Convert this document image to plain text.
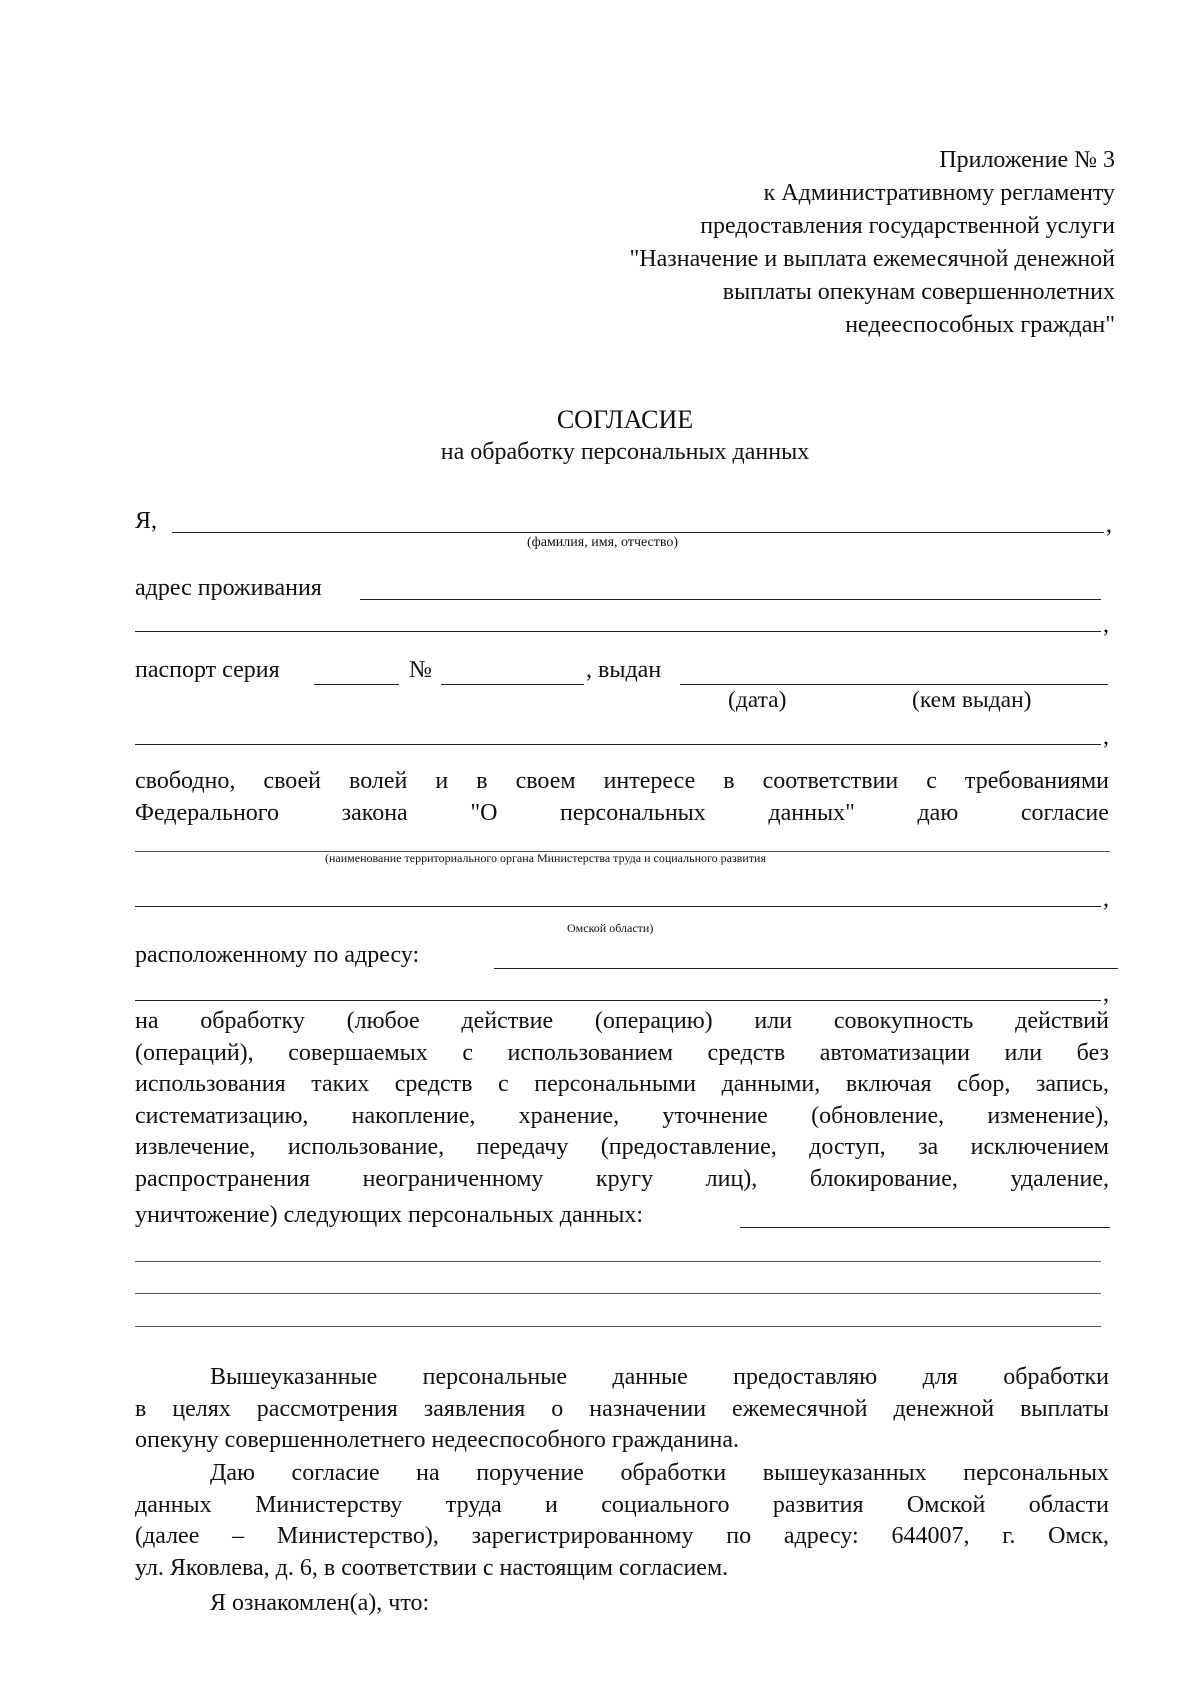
Приложение № 3
к Административному регламенту
предоставления государственной услуги
"Назначение и выплата ежемесячной денежной
выплаты опекунам совершеннолетних
недееспособных граждан"
СОГЛАСИЕ
на обработку персональных данных
Я,	,
(фамилия, имя, отчество)
адрес проживания
,
паспорт серия	№	, выдан
(дата)	(кем выдан)
,
свободно, своей волей и в своем интересе в соответствии с требованиями
Федерального	закона	"О	персональных	данных"	даю	согласие
(наименование территориального органа Министерства труда и социального развития
,
Омской области)
расположенному по адресу:
,
на обработку (любое действие (операцию) или совокупность действий
(операций), совершаемых с использованием средств автоматизации или без
использования таких средств с персональными данными, включая сбор, запись,
систематизацию, накопление, хранение, уточнение (обновление, изменение),
извлечение, использование, передачу (предоставление, доступ, за исключением
распространения неограниченному кругу лиц), блокирование, удаление,
уничтожение) следующих персональных данных:
Вышеуказанные персональные данные предоставляю для обработки
в целях рассмотрения заявления о назначении ежемесячной денежной выплаты
опекуну совершеннолетнего недееспособного гражданина.
Даю согласие на поручение обработки вышеуказанных персональных
данных Министерству труда и социального развития Омской области
(далее – Министерство), зарегистрированному по адресу: 644007, г. Омск,
ул. Яковлева, д. 6, в соответствии с настоящим согласием.
Я ознакомлен(а), что:
